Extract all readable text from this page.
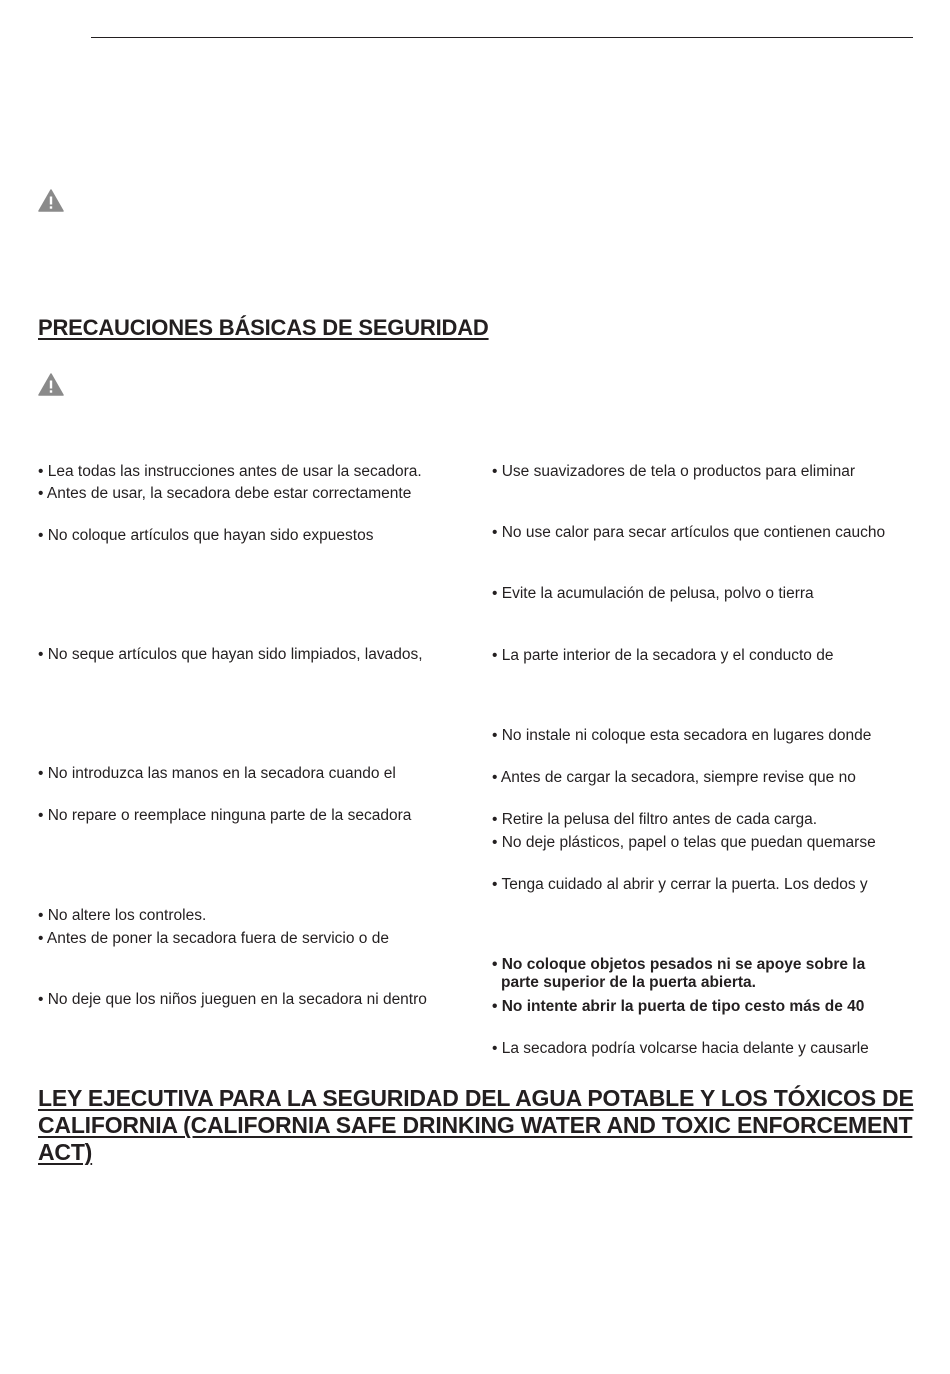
PRECAUCIONES BÁSICAS DE SEGURIDAD
• Lea todas las instrucciones antes de usar la secadora.
• Antes de usar, la secadora debe estar correctamente
• No coloque artículos que hayan sido expuestos
• No seque artículos que hayan sido limpiados, lavados,
• No introduzca las manos en la secadora cuando el
• No repare o reemplace ninguna parte de la secadora
• No altere los controles.
• Antes de poner la secadora fuera de servicio o de
• No deje que los niños jueguen en la secadora ni dentro
• Use suavizadores de tela o productos para eliminar
• No use calor para secar artículos que contienen caucho
• Evite la acumulación de pelusa, polvo o tierra
• La parte interior de la secadora y el conducto de
• No instale ni coloque esta secadora en lugares donde
• Antes de cargar la secadora, siempre revise que no
• Retire la pelusa del filtro antes de cada carga.
• No deje plásticos, papel o telas que puedan quemarse
• Tenga cuidado al abrir y cerrar la puerta. Los dedos y
• No coloque objetos pesados ni se apoye sobre la
parte superior de la puerta abierta.
• No intente abrir la puerta de tipo cesto más de 40
• La secadora podría volcarse hacia delante y causarle
LEY EJECUTIVA PARA LA SEGURIDAD DEL AGUA POTABLE Y LOS TÓXICOS DE CALIFORNIA (CALIFORNIA SAFE DRINKING WATER AND TOXIC ENFORCEMENT ACT)
